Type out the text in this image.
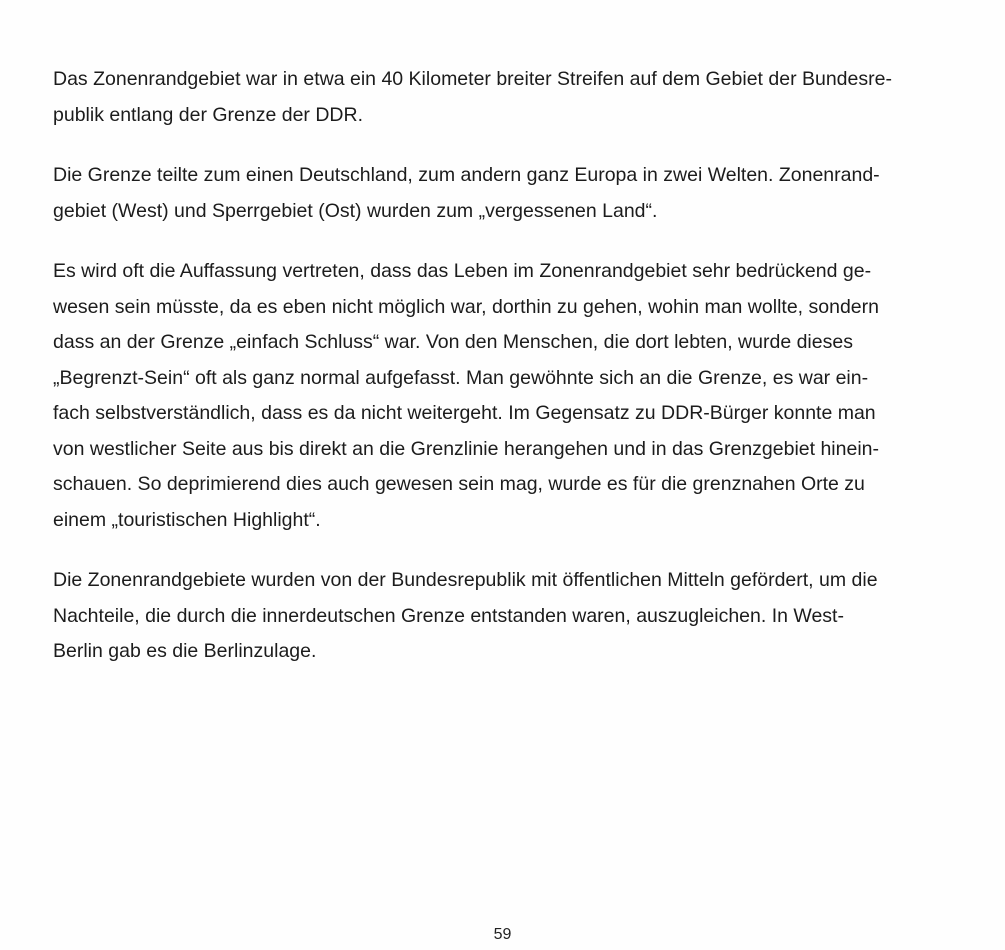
Das Zonenrandgebiet war in etwa ein 40 Kilometer breiter Streifen auf dem Gebiet der Bundesre-
publik entlang der Grenze der DDR.

Die Grenze teilte zum einen Deutschland, zum andern ganz Europa in zwei Welten. Zonenrand-
gebiet (West) und Sperrgebiet (Ost) wurden zum „vergessenen Land“.

Es wird oft die Auffassung vertreten, dass das Leben im Zonenrandgebiet sehr bedrückend ge-
wesen sein müsste, da es eben nicht möglich war, dorthin zu gehen, wohin man wollte, sondern
dass an der Grenze „einfach Schluss“ war. Von den Menschen, die dort lebten, wurde dieses
„Begrenzt-Sein“ oft als ganz normal aufgefasst. Man gewöhnte sich an die Grenze, es war ein-
fach selbstverständlich, dass es da nicht weitergeht. Im Gegensatz zu DDR-Bürger konnte man
von westlicher Seite aus bis direkt an die Grenzlinie herangehen und in das Grenzgebiet hinein-
schauen. So deprimierend dies auch gewesen sein mag, wurde es für die grenznahen Orte zu
einem „touristischen Highlight“.

Die Zonenrandgebiete wurden von der Bundesrepublik mit öffentlichen Mitteln gefördert, um die
Nachteile, die durch die innerdeutschen Grenze entstanden waren, auszugleichen. In West-
Berlin gab es die Berlinzulage.

59
